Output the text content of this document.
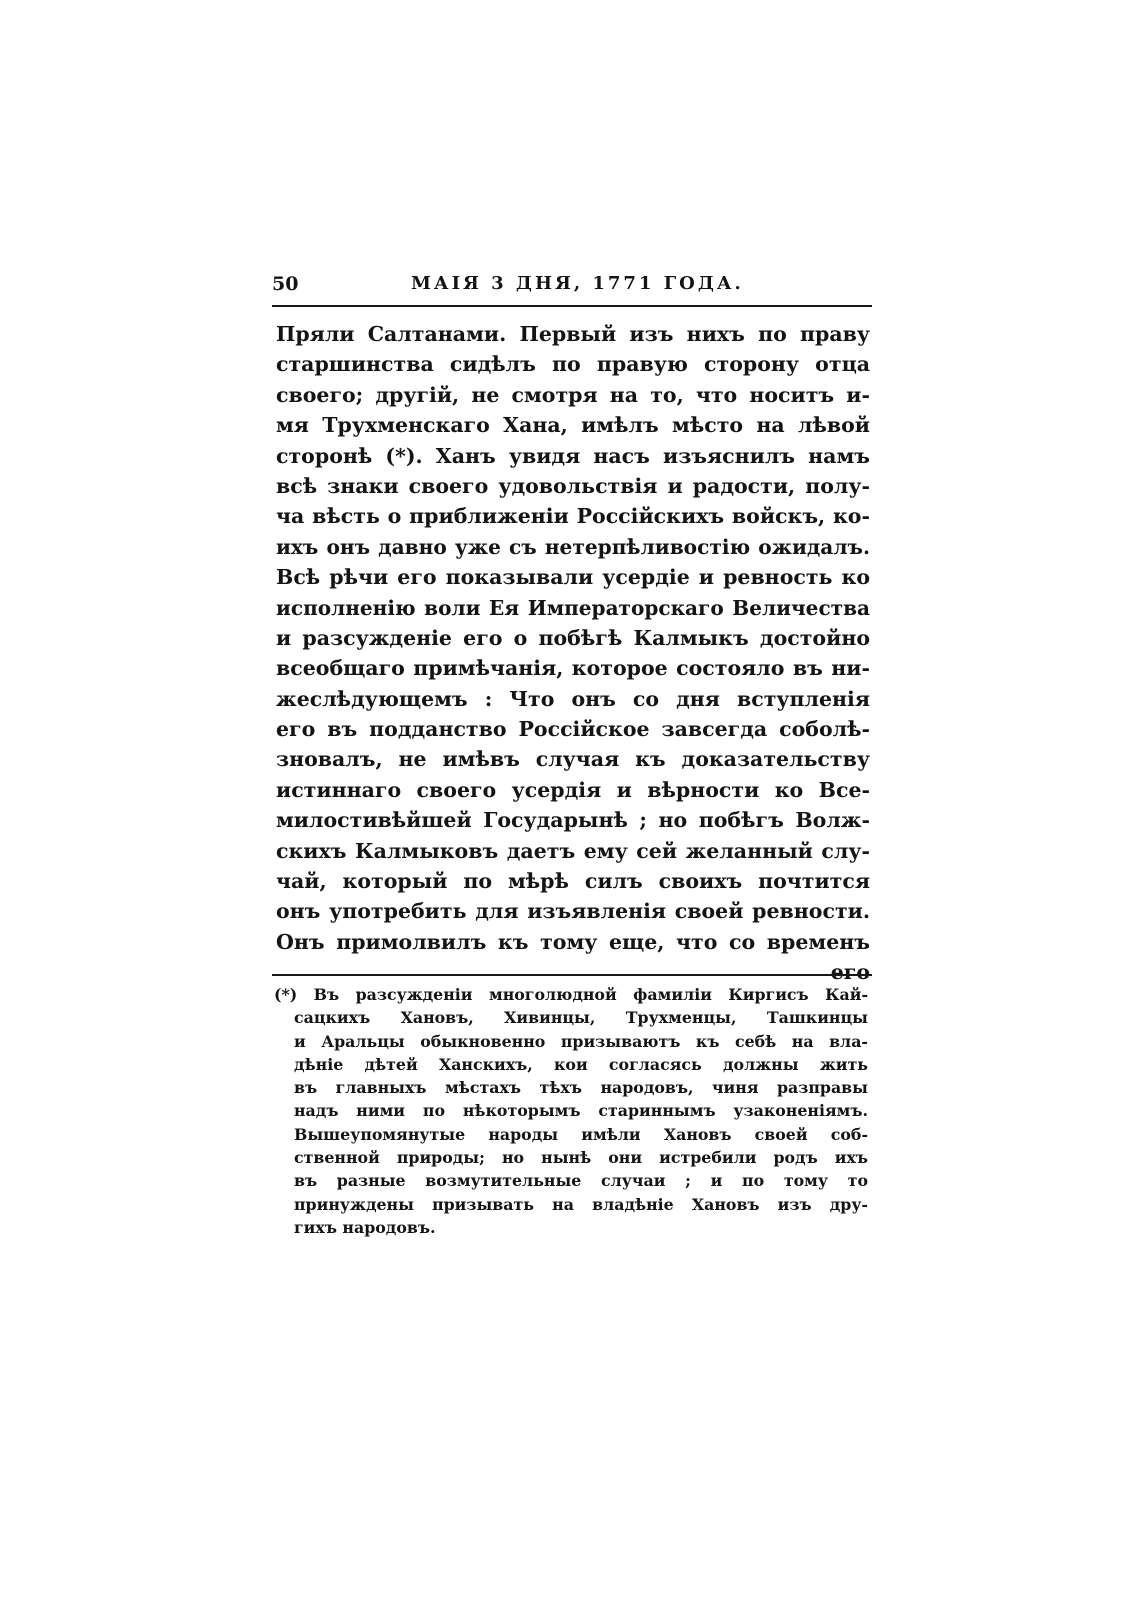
50	МАІЯ 3 ДНЯ, 1771 ГОДА.
Пряли Салтанами. Первый изъ нихъ по праву
старшинства сидѣлъ по правую сторону отца
своего; другій, не смотря на то, что носитъ и-
мя Трухменскаго Хана, имѣлъ мѣсто на лѣвой
сторонѣ (*). Ханъ увидя насъ изъяснилъ намъ
всѣ знаки своего удовольствія и радости, полу-
ча вѣсть о приближеніи Россійскихъ войскъ, ко-
ихъ онъ давно уже съ нетерпѣливостію ожидалъ.
Всѣ рѣчи его показывали усердіе и ревность ко
исполненію воли Ея Императорскаго Величества
и разсужденіе его о побѣгѣ Калмыкъ достойно
всеобщаго примѣчанія, которое состояло въ ни-
жеслѣдующемъ : Что онъ со дня вступленія
его въ подданство Россійское завсегда соболѣ-
зновалъ, не имѣвъ случая къ доказательству
истиннаго своего усердія и вѣрности ко Все-
милостивѣйшей Государынѣ ; но побѣгъ Волж-
скихъ Калмыковъ даетъ ему сей желанный слу-
чай, который по мѣрѣ силъ своихъ почтится
онъ употребить для изъявленія своей ревности.
Онъ примолвилъ къ тому еще, что со временъ
его
(*) Въ разсужденіи многолюдной фамиліи Киргисъ Кай-
сацкихъ Хановъ, Хивинцы, Трухменцы, Ташкинцы
и Аральцы обыкновенно призываютъ къ себѣ на вла-
дѣніе дѣтей Ханскихъ, кои согласясь должны жить
въ главныхъ мѣстахъ тѣхъ народовъ, чиня разправы
надъ ними по нѣкоторымъ стариннымъ узаконеніямъ.
Вышеупомянутые народы имѣли Хановъ своей соб-
ственной природы; но нынѣ они истребили родъ ихъ
въ разные возмутительные случаи ; и по тому то
принуждены призывать на владѣніе Хановъ изъ дру-
гихъ народовъ.
